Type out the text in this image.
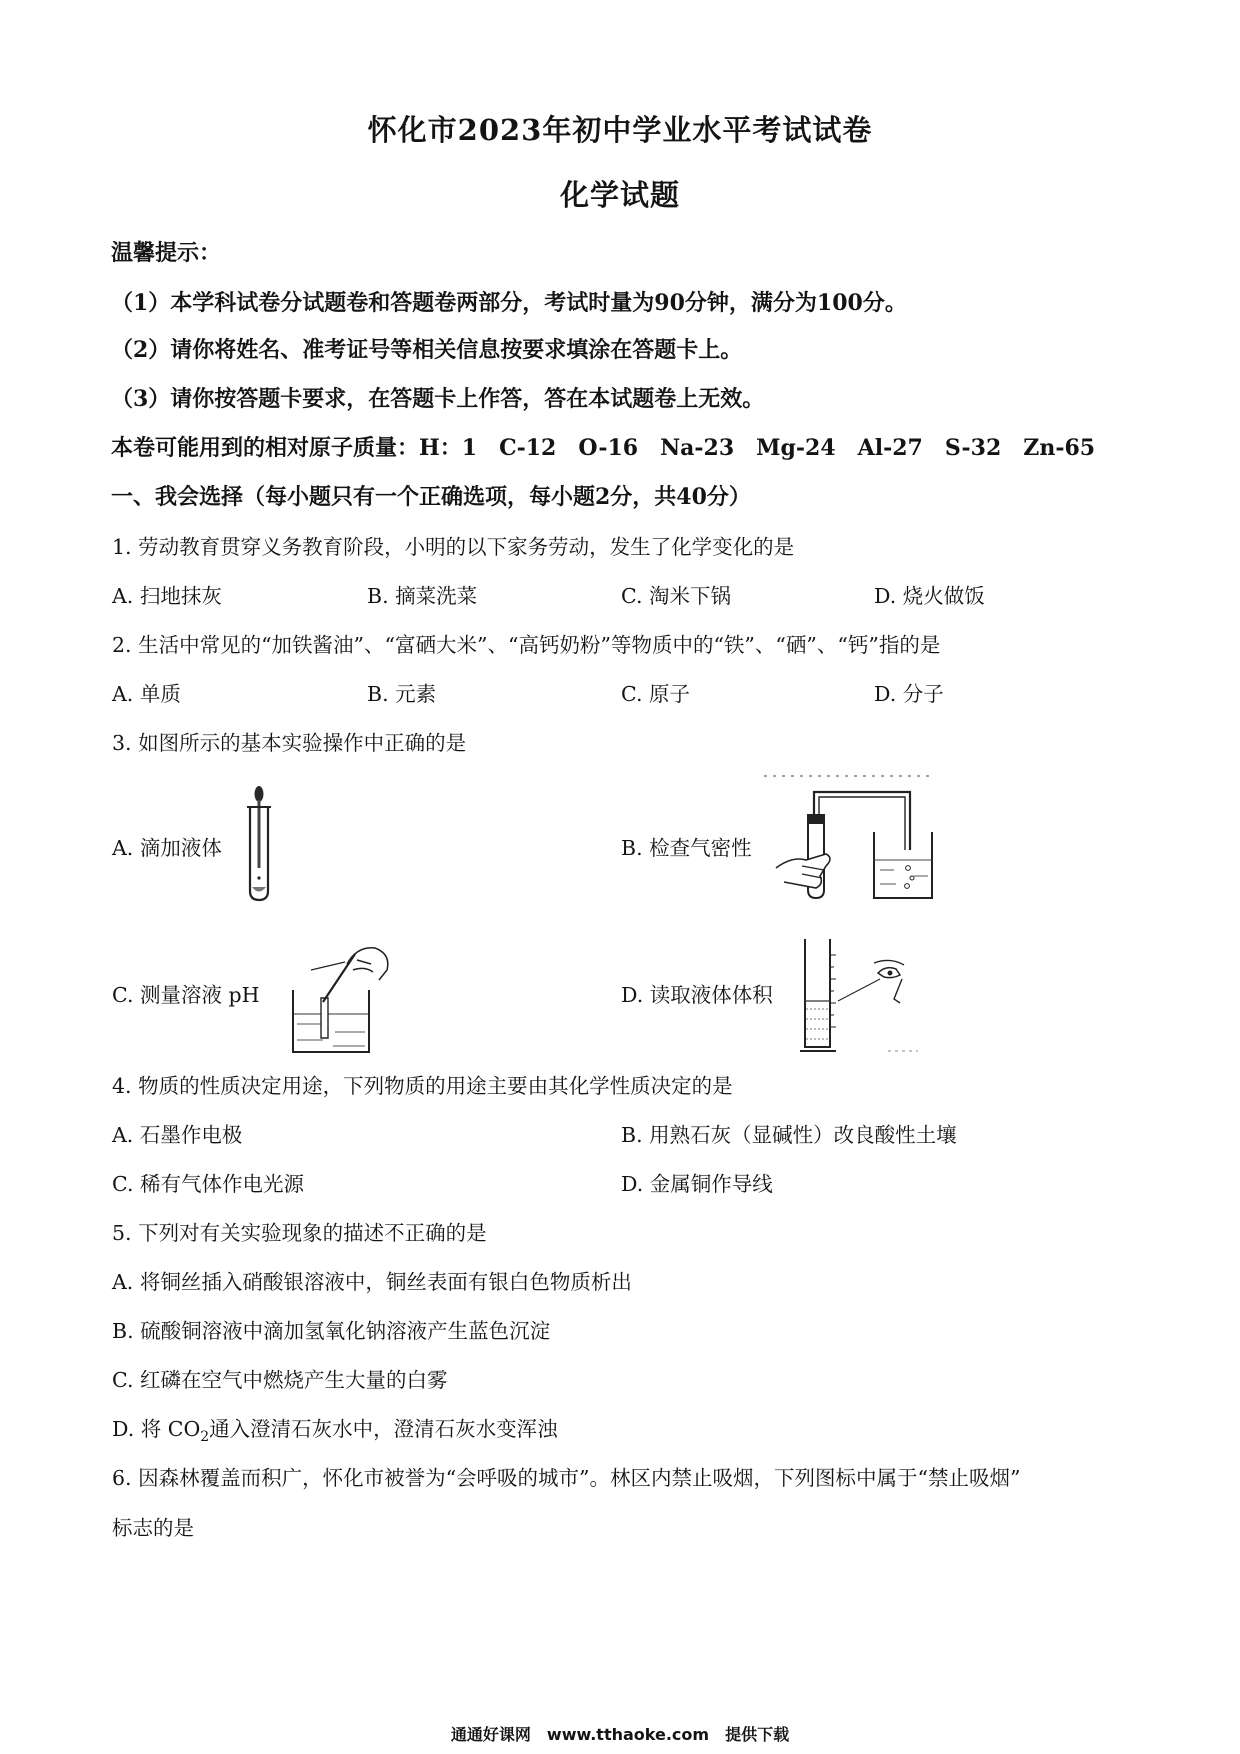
怀化市2023年初中学业水平考试试卷
化学试题
温馨提示：
（1）本学科试卷分试题卷和答题卷两部分，考试时量为90分钟，满分为100分。
（2）请你将姓名、准考证号等相关信息按要求填涂在答题卡上。
（3）请你按答题卡要求，在答题卡上作答，答在本试题卷上无效。
本卷可能用到的相对原子质量：H：1　C-12　O-16　Na-23　Mg-24　Al-27　S-32　Zn-65
一、我会选择（每小题只有一个正确选项，每小题2分，共40分）
1. 劳动教育贯穿义务教育阶段，小明的以下家务劳动，发生了化学变化的是
A. 扫地抹灰	B. 摘菜洗菜	C. 淘米下锅	D. 烧火做饭
2. 生活中常见的“加铁酱油”、“富硒大米”、“高钙奶粉”等物质中的“铁”、“硒”、“钙”指的是
A. 单质	B. 元素	C. 原子	D. 分子
3. 如图所示的基本实验操作中正确的是
A. 滴加液体	B. 检查气密性
C. 测量溶液 pH	D. 读取液体体积
4. 物质的性质决定用途，下列物质的用途主要由其化学性质决定的是
A. 石墨作电极	B. 用熟石灰（显碱性）改良酸性土壤
C. 稀有气体作电光源	D. 金属铜作导线
5. 下列对有关实验现象的描述不正确的是
A. 将铜丝插入硝酸银溶液中，铜丝表面有银白色物质析出
B. 硫酸铜溶液中滴加氢氧化钠溶液产生蓝色沉淀
C. 红磷在空气中燃烧产生大量的白雾
D. 将 $CO_2$通入澄清石灰水中，澄清石灰水变浑浊
6. 因森林覆盖而积广，怀化市被誉为“会呼吸的城市”。林区内禁止吸烟，下列图标中属于“禁止吸烟”
标志的是
通通好课网　www.tthaoke.com　提供下载
